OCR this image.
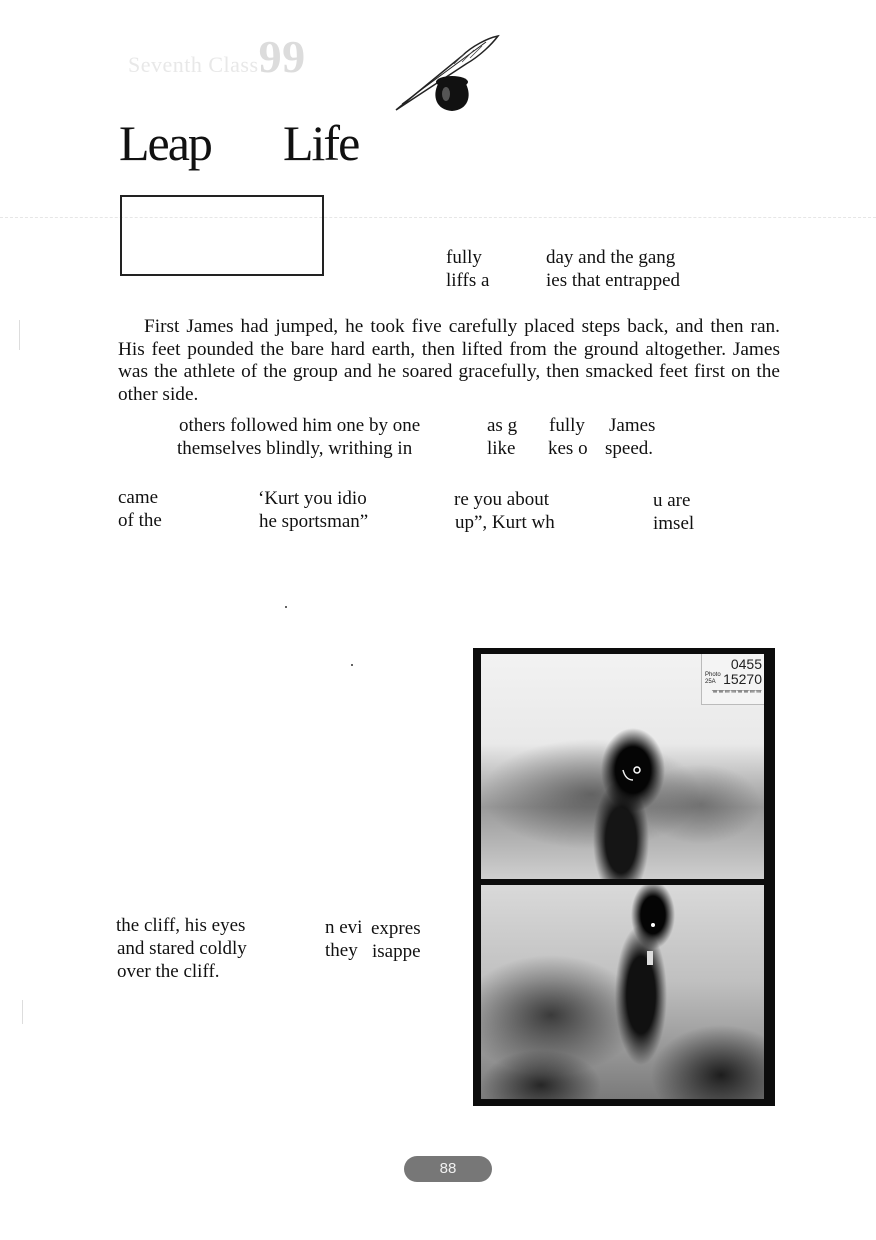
Seventh Class99
Leap Life
fully
liffs a
day and the gang
ies that entrapped

First James had jumped, he took five carefully placed steps back, and then ran. His feet pounded the bare hard earth, then lifted from the ground altogether. James was the athlete of the group and he soared gracefully, then smacked feet first on the other side.

others followed him one by one
themselves blindly, writhing in
as g
like
fully
kes o
James
speed.
came
of the
‘Kurt you idio
he sportsman”
re you about
up”, Kurt wh
u are
imsel
the cliff, his eyes
and stared coldly
over the cliff.
n evi
they
expres
isappe
0455
15270
Photo
25A
ᚄᚄᚄᚄᚄᚄᚄᚄ
88
